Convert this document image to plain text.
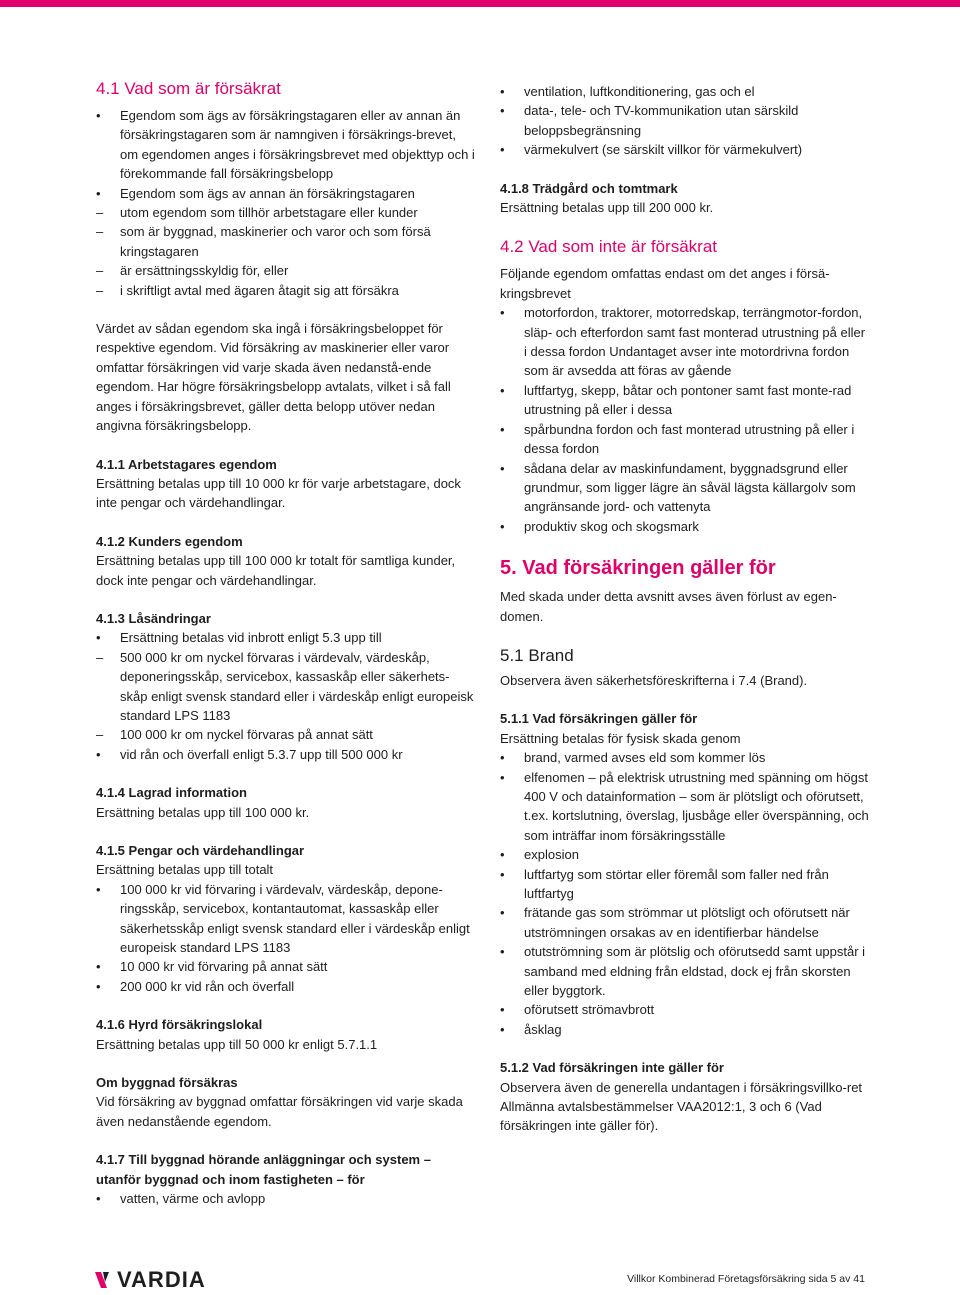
4.1 Vad som är försäkrat
• Egendom som ägs av försäkringstagaren eller av annan än försäkringstagaren som är namngiven i försäkrings-brevet, om egendomen anges i försäkringsbrevet med objekttyp och i förekommande fall försäkringsbelopp
• Egendom som ägs av annan än försäkringstagaren
– utom egendom som tillhör arbetstagare eller kunder
– som är byggnad, maskinerier och varor och som försä kringstagaren
– är ersättningsskyldig för, eller
– i skriftligt avtal med ägaren åtagit sig att försäkra

Värdet av sådan egendom ska ingå i försäkringsbeloppet för respektive egendom. Vid försäkring av maskinerier eller varor omfattar försäkringen vid varje skada även nedanstå-ende egendom. Har högre försäkringsbelopp avtalats, vilket i så fall anges i försäkringsbrevet, gäller detta belopp utöver nedan angivna försäkringsbelopp.

4.1.1 Arbetstagares egendom

Ersättning betalas upp till 10 000 kr för varje arbetstagare, dock inte pengar och värdehandlingar.

4.1.2 Kunders egendom

Ersättning betalas upp till 100 000 kr totalt för samtliga kunder, dock inte pengar och värdehandlingar.

4.1.3 Låsändringar
• Ersättning betalas vid inbrott enligt 5.3 upp till
– 500 000 kr om nyckel förvaras i värdevalv, värdeskåp, deponeringsskåp, servicebox, kassaskåp eller säkerhets-skåp enligt svensk standard eller i värdeskåp enligt europeisk standard LPS 1183
– 100 000 kr om nyckel förvaras på annat sätt
• vid rån och överfall enligt 5.3.7 upp till 500 000 kr
4.1.4 Lagrad information

Ersättning betalas upp till 100 000 kr.

4.1.5 Pengar och värdehandlingar

Ersättning betalas upp till totalt

• 100 000 kr vid förvaring i värdevalv, värdeskåp, depone-ringsskåp, servicebox, kontantautomat, kassaskåp eller säkerhetsskåp enligt svensk standard eller i värdeskåp enligt europeisk standard LPS 1183
• 10 000 kr vid förvaring på annat sätt
• 200 000 kr vid rån och överfall
4.1.6 Hyrd försäkringslokal

Ersättning betalas upp till 50 000 kr enligt 5.7.1.1

Om byggnad försäkras

Vid försäkring av byggnad omfattar försäkringen vid varje skada även nedanstående egendom.

4.1.7 Till byggnad hörande anläggningar och system – utanför byggnad och inom fastigheten – för
• vatten, värme och avlopp
• ventilation, luftkonditionering, gas och el
• data-, tele- och TV-kommunikation utan särskild beloppsbegränsning
• värmekulvert (se särskilt villkor för värmekulvert)
4.1.8 Trädgård och tomtmark

Ersättning betalas upp till 200 000 kr.

4.2 Vad som inte är försäkrat

Följande egendom omfattas endast om det anges i försä-kringsbrevet

• motorfordon, traktorer, motorredskap, terrängmotor-fordon, släp- och efterfordon samt fast monterad utrustning på eller i dessa fordon Undantaget avser inte motordrivna fordon som är avsedda att föras av gående
• luftfartyg, skepp, båtar och pontoner samt fast monte-rad utrustning på eller i dessa
• spårbundna fordon och fast monterad utrustning på eller i dessa fordon
• sådana delar av maskinfundament, byggnadsgrund eller grundmur, som ligger lägre än såväl lägsta källargolv som angränsande jord- och vattenyta
• produktiv skog och skogsmark
5. Vad försäkringen gäller för

Med skada under detta avsnitt avses även förlust av egen-domen.

5.1 Brand

Observera även säkerhetsföreskrifterna i 7.4 (Brand).

5.1.1 Vad försäkringen gäller för

Ersättning betalas för fysisk skada genom

• brand, varmed avses eld som kommer lös
• elfenomen – på elektrisk utrustning med spänning om högst 400 V och datainformation – som är plötsligt och oförutsett, t.ex. kortslutning, överslag, ljusbåge eller överspänning, och som inträffar inom försäkringsställe
• explosion
• luftfartyg som störtar eller föremål som faller ned från luftfartyg
• frätande gas som strömmar ut plötsligt och oförutsett när utströmningen orsakas av en identifierbar händelse
• otutströmning som är plötslig och oförutsedd samt uppstår i samband med eldning från eldstad, dock ej från skorsten eller byggtork.
• oförutsett strömavbrott
• åsklag
5.1.2 Vad försäkringen inte gäller för

Observera även de generella undantagen i försäkringsvillko-ret Allmänna avtalsbestämmelser VAA2012:1, 3 och 6 (Vad försäkringen inte gäller för).

VARDIA	Villkor Kombinerad Företagsförsäkring sida 5 av 41
